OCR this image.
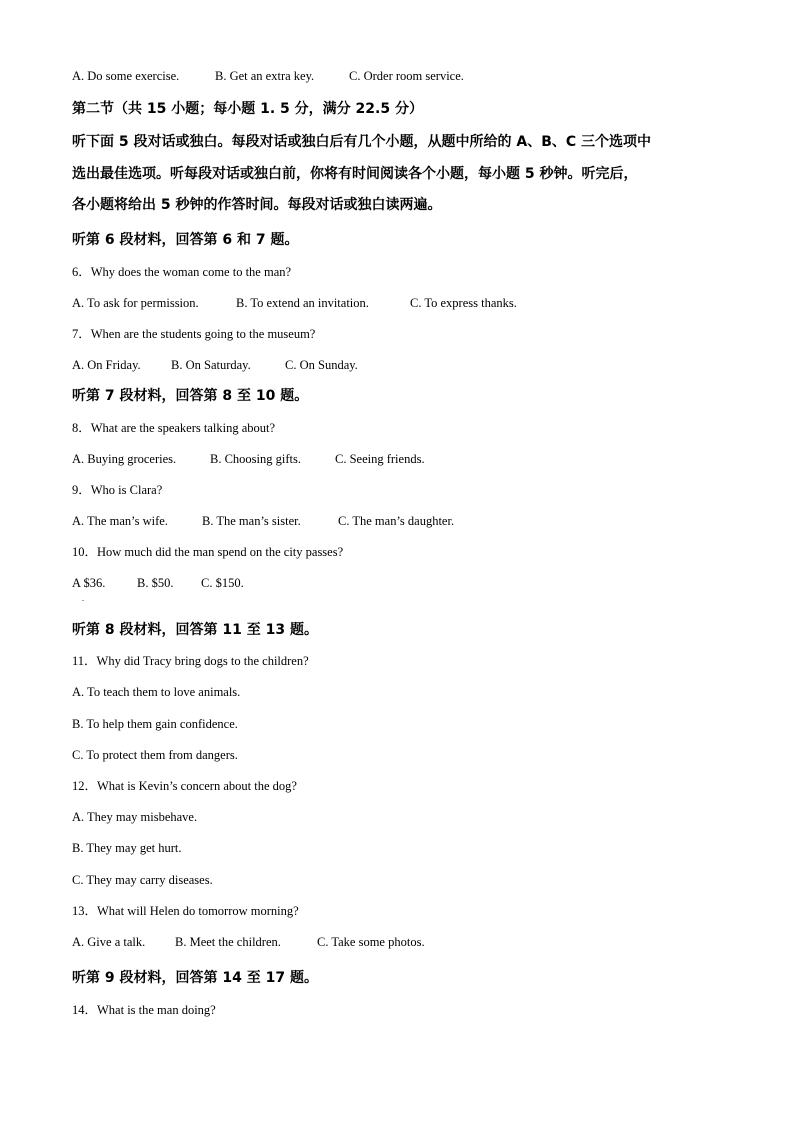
A. Do some exercise.	B. Get an extra key.	C. Order room service.
第二节（共 15 小题；每小题 1. 5 分，满分 22.5 分）
听下面 5 段对话或独白。每段对话或独白后有几个小题，从题中所给的 A、B、C 三个选项中
选出最佳选项。听每段对话或独白前，你将有时间阅读各个小题，每小题 5 秒钟。听完后，
各小题将给出 5 秒钟的作答时间。每段对话或独白读两遍。
听第 6 段材料，回答第 6 和 7 题。
6．Why does the woman come to the man?
A. To ask for permission.	B. To extend an invitation.	C. To express thanks.
7．When are the students going to the museum?
A. On Friday. B. On Saturday.	C. On Sunday.
听第 7 段材料，回答第 8 至 10 题。
8．What are the speakers talking about?
A. Buying groceries.	B. Choosing gifts.	C. Seeing friends.
9．Who is Clara?
A. The man’s wife.	B. The man’s sister.	C. The man’s daughter.
10．How much did the man spend on the city passes?
A $36.	B. $50. C. $150.
.
听第 8 段材料，回答第 11 至 13 题。
11．Why did Tracy bring dogs to the children?
A. To teach them to love animals.
B. To help them gain confidence.
C. To protect them from dangers.
12．What is Kevin’s concern about the dog?
A. They may misbehave.
B. They may get hurt.
C. They may carry diseases.
13．What will Helen do tomorrow morning?
A. Give a talk. B. Meet the children.	C. Take some photos.
听第 9 段材料，回答第 14 至 17 题。
14．What is the man doing?
